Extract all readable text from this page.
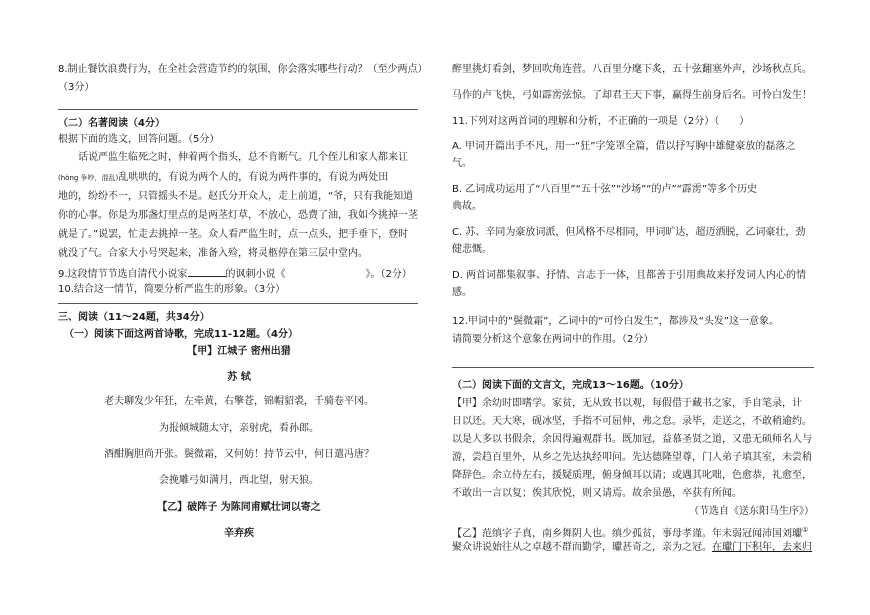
8.制止餐饮浪费行为，在全社会营造节约的氛围，你会落实哪些行动？（至少两点）
（3分）
（二）名著阅读（4分）
根据下面的选文，回答问题。（5分）
话说严监生临死之时，伸着两个指头，总不肯断气。几个侄儿和家人都来讧
(hòng 争吵，混乱)乱哄哄的，有说为两个人的，有说为两件事的，有说为两处田
地的，纷纷不一，只管摇头不是。赵氏分开众人，走上前道，“爷，只有我能知道
你的心事。你是为那盏灯里点的是两茎灯草，不放心，恐费了油，我如今挑掉一茎
就是了。”说罢，忙走去挑掉一茎。众人看严监生时，点一点头，把手垂下，登时
就没了气。合家大小号哭起来，准备入殓，将灵柩停在第三层中堂内。
9.这段情节节选自清代小说家	的讽刺小说《	》。（2分）
10.结合这一情节，简要分析严监生的形象。（3分）
三、阅读（11～24题，共34分）
（一）阅读下面这两首诗歌，完成11-12题。（4分）
【甲】江城子 密州出猎
苏 轼
老夫聊发少年狂，左牵黄，右擎苍，锦帽貂裘，千骑卷平冈。
为报倾城随太守，亲射虎，看孙郎。
酒酣胸胆尚开张。鬓微霜，又何妨！持节云中，何日遣冯唐？
会挽雕弓如满月，西北望，射天狼。
【乙】破阵子 为陈同甫赋壮词以寄之
辛弃疾
醉里挑灯看剑，梦回吹角连营。八百里分麾下炙，五十弦翻塞外声，沙场秋点兵。
马作的卢飞快，弓如霹雳弦惊。了却君王天下事，赢得生前身后名。可怜白发生！
11.下列对这两首词的理解和分析，不正确的一项是（2分）（　　）
A. 甲词开篇出手不凡，用一“狂”字笼罩全篇，借以抒写胸中雄健豪放的磊落之
气。
B. 乙词成功运用了“八百里”“五十弦”“沙场”“的卢”“霹雳”等多个历史
典故。
C. 苏、辛同为豪放词派，但风格不尽相同，甲词旷达，超迈洒脱，乙词豪壮，劲
健悲慨。
D. 两首词都集叙事、抒情、言志于一体，且都善于引用典故来抒发词人内心的情
感。
12.甲词中的“鬓微霜”，乙词中的“可怜白发生”，都涉及“头发”这一意象。
请简要分析这个意象在两词中的作用。（2分）
（二）阅读下面的文言文，完成13～16题。（10分）
【甲】余幼时即嗜学。家贫，无从致书以观，每假借于藏书之家，手自笔录，计
日以还。天大寒，砚冰坚，手指不可屈伸，弗之怠。录毕，走送之，不敢稍逾约。
以是人多以书假余，余因得遍观群书。既加冠，益慕圣贤之道，又患无硕师名人与
游，尝趋百里外，从乡之先达执经叩问。先达德隆望尊，门人弟子填其室，未尝稍
降辞色。余立侍左右，援疑质理，俯身倾耳以请；或遇其叱咄，色愈恭，礼愈至，
不敢出一言以复；俟其欣悦，则又请焉。故余虽愚，卒获有所闻。
（节选自《送东阳马生序》）
【乙】范缜字子真，南乡舞阴人也。缜少孤贫，事母孝谨。年未弱冠闻沛国刘瓛①
聚众讲说始往从之卓越不群而勤学，瓛甚奇之，亲为之冠。在瓛门下积年，去来归
